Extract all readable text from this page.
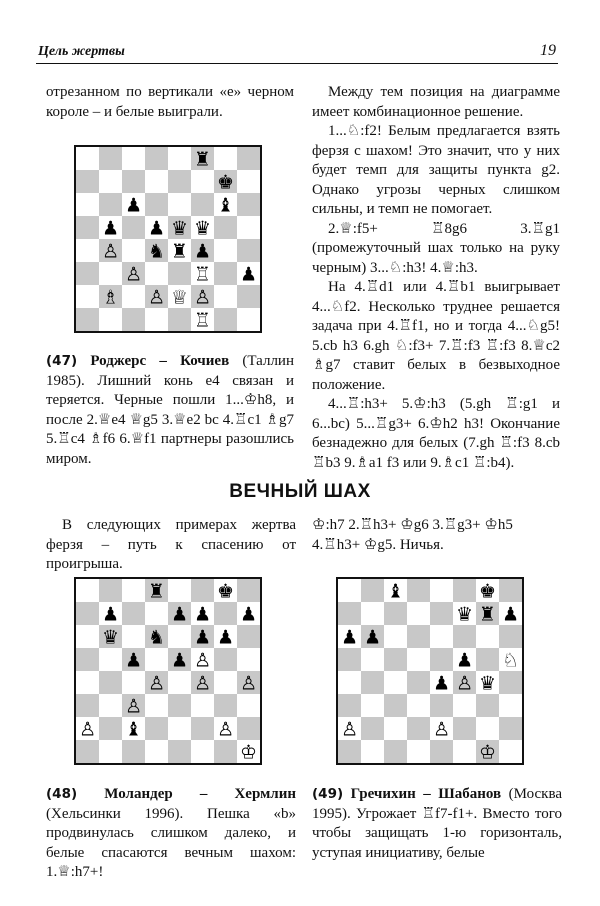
Цель жертвы	19

отрезанном по вертикали «е» черном короле – и белые выиграли.

♜
♚
♟	♝
♟ ♟ ♛ ♛
♙ ♞ ♜ ♟
♙	♖ ♟
♗ ♙ ♕ ♙
♖

(47) Роджерс – Кочиев (Таллин 1985). Лишний конь е4 связан и теряется. Черные пошли 1...♔h8, и после 2.♕e4 ♕g5 3.♕e2 bc 4.♖c1 ♗g7 5.♖c4 ♗f6 6.♕f1 партнеры разошлись миром.

Между тем позиция на диаграмме имеет комбинационное решение.

1...♘:f2! Белым предлагается взять ферзя с шахом! Это значит, что у них будет темп для защиты пункта g2. Однако угрозы черных слишком сильны, и темп не помогает.

2.♕:f5+ ♖8g6 3.♖g1 (промежуточный шах только на руку черным) 3...♘:h3! 4.♕:h3.

На 4.♖d1 или 4.♖b1 выигрывает 4...♘f2. Несколько труднее решается задача при 4.♖f1, но и тогда 4...♘g5! 5.cb h3 6.gh ♘:f3+ 7.♖:f3 ♖:f3 8.♕c2 ♗g7 ставит белых в безвыходное положение.

4...♖:h3+ 5.♔:h3 (5.gh ♖:g1 и 6...bc) 5...♖g3+ 6.♔h2 h3! Окончание безнадежно для белых (7.gh ♖:f3 8.cb ♖b3 9.♗a1 f3 или 9.♗c1 ♖:b4).

ВЕЧНЫЙ ШАХ

В следующих примерах жертва ферзя – путь к спасению от проигрыша.

♔:h7 2.♖h3+ ♔g6 3.♖g3+ ♔h5 4.♖h3+ ♔g5. Ничья.

♜	♚
♟	♟ ♟ ♟
♛ ♞ ♟ ♟
♟ ♟ ♙
♙ ♙ ♙
♙
♙ ♝	♙
♔
♝	♚
♛ ♜ ♟
♟ ♟
♟ ♘
♟ ♙ ♛
♙	♙
♔

(48) Моландер – Хермлин (Хельсинки 1996). Пешка «b» продвинулась слишком далеко, и белые спасаются вечным шахом: 1.♕:h7+!

(49) Гречихин – Шабанов (Москва 1995). Угрожает ♖f7-f1+. Вместо того чтобы защищать 1-ю горизонталь, уступая инициативу, белые
